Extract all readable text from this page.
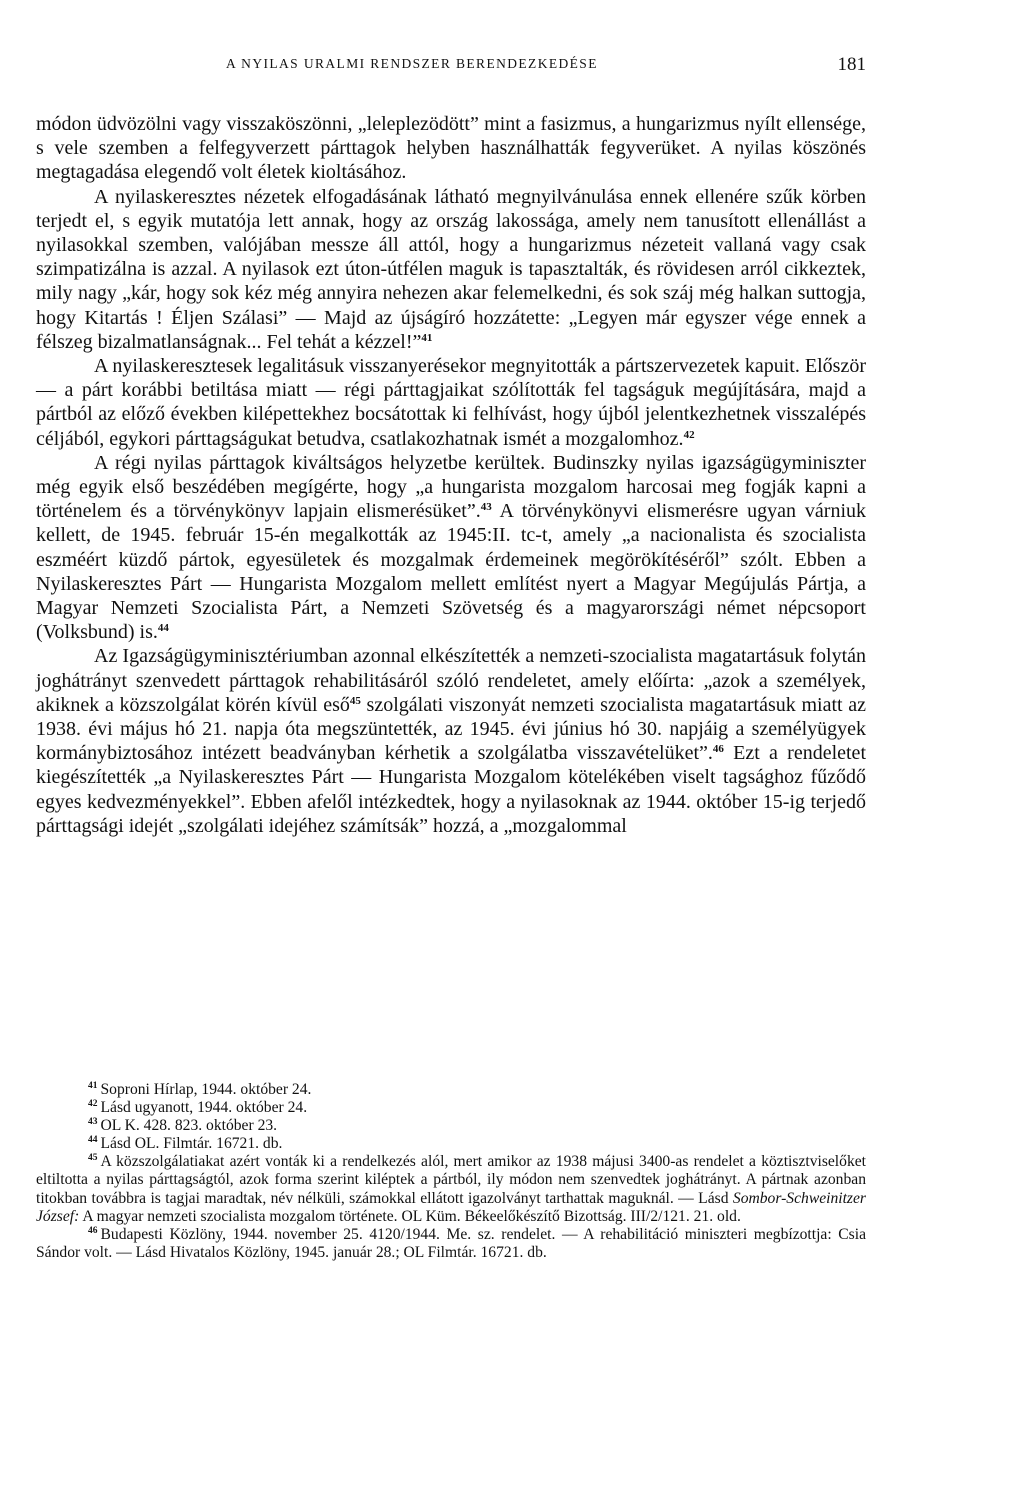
A NYILAS URALMI RENDSZER BERENDEZKEDÉSE	181

módon üdvözölni vagy visszaköszönni, „leleplezödött” mint a fasizmus, a hungarizmus nyílt ellensége, s vele szemben a felfegyverzett párttagok helyben használhatták fegyverüket. A nyilas köszönés megtagadása elegendő volt életek kioltásához.

A nyilaskeresztes nézetek elfogadásának látható megnyilvánulása ennek ellenére szűk körben terjedt el, s egyik mutatója lett annak, hogy az ország lakossága, amely nem tanusított ellenállást a nyilasokkal szemben, valójában messze áll attól, hogy a hungarizmus nézeteit vallaná vagy csak szimpatizálna is azzal. A nyilasok ezt úton-útfélen maguk is tapasztalták, és rövidesen arról cikkeztek, mily nagy „kár, hogy sok kéz még annyira nehezen akar felemelkedni, és sok száj még halkan suttogja, hogy Kitartás ! Éljen Szálasi” — Majd az újságíró hozzátette: „Legyen már egyszer vége ennek a félszeg bizalmatlanságnak... Fel tehát a kézzel!”$^{41}$

A nyilaskeresztesek legalitásuk visszanyerésekor megnyitották a pártszervezetek kapuit. Először — a párt korábbi betiltása miatt — régi párttagjaikat szólították fel tagságuk megújítására, majd a pártból az előző években kilépettekhez bocsátottak ki felhívást, hogy újból jelentkezhetnek visszalépés céljából, egykori párttagságukat betudva, csatlakozhatnak ismét a mozgalomhoz.$^{42}$

A régi nyilas párttagok kiváltságos helyzetbe kerültek. Budinszky nyilas igazságügyminiszter még egyik első beszédében megígérte, hogy „a hungarista mozgalom harcosai meg fogják kapni a történelem és a törvénykönyv lapjain elismerésüket”.$^{43}$ A törvénykönyvi elismerésre ugyan várniuk kellett, de 1945. február 15-én megalkották az 1945:II. tc-t, amely „a nacionalista és szocialista eszméért küzdő pártok, egyesületek és mozgalmak érdemeinek megörökítéséről” szólt. Ebben a Nyilaskeresztes Párt — Hungarista Mozgalom mellett említést nyert a Magyar Megújulás Pártja, a Magyar Nemzeti Szocialista Párt, a Nemzeti Szövetség és a magyarországi német népcsoport (Volksbund) is.$^{44}$

Az Igazságügyminisztériumban azonnal elkészítették a nemzeti-szocialista magatartásuk folytán joghátrányt szenvedett párttagok rehabilitásáról szóló rendeletet, amely előírta: „azok a személyek, akiknek a közszolgálat körén kívül eső$^{45}$ szolgálati viszonyát nemzeti szocialista magatartásuk miatt az 1938. évi május hó 21. napja óta megszüntették, az 1945. évi június hó 30. napjáig a személyügyek kormánybiztosához intézett beadványban kérhetik a szolgálatba visszavételüket”.$^{46}$ Ezt a rendeletet kiegészítették „a Nyilaskeresztes Párt — Hungarista Mozgalom kötelékében viselt tagsághoz fűződő egyes kedvezményekkel”. Ebben afelől intézkedtek, hogy a nyilasoknak az 1944. október 15-ig terjedő párttagsági idejét „szolgálati idejéhez számítsák” hozzá, a „mozgalommal

$^{41}$ Soproni Hírlap, 1944. október 24.

$^{42}$ Lásd ugyanott, 1944. október 24.

$^{43}$ OL K. 428. 823. október 23.

$^{44}$ Lásd OL. Filmtár. 16721. db.

$^{45}$ A közszolgálatiakat azért vonták ki a rendelkezés alól, mert amikor az 1938 májusi 3400-as rendelet a köztisztviselőket eltiltotta a nyilas párttagságtól, azok forma szerint kiléptek a pártból, ily módon nem szenvedtek joghátrányt. A pártnak azonban titokban továbbra is tagjai maradtak, név nélküli, számokkal ellátott igazolványt tarthattak maguknál. — Lásd Sombor-Schweinitzer József: A magyar nemzeti szocialista mozgalom története. OL Küm. Békeelőkészítő Bizottság. III/2/121. 21. old.

$^{46}$ Budapesti Közlöny, 1944. november 25. 4120/1944. Me. sz. rendelet. — A rehabilitáció miniszteri megbízottja: Csia Sándor volt. — Lásd Hivatalos Közlöny, 1945. január 28.; OL Filmtár. 16721. db.
